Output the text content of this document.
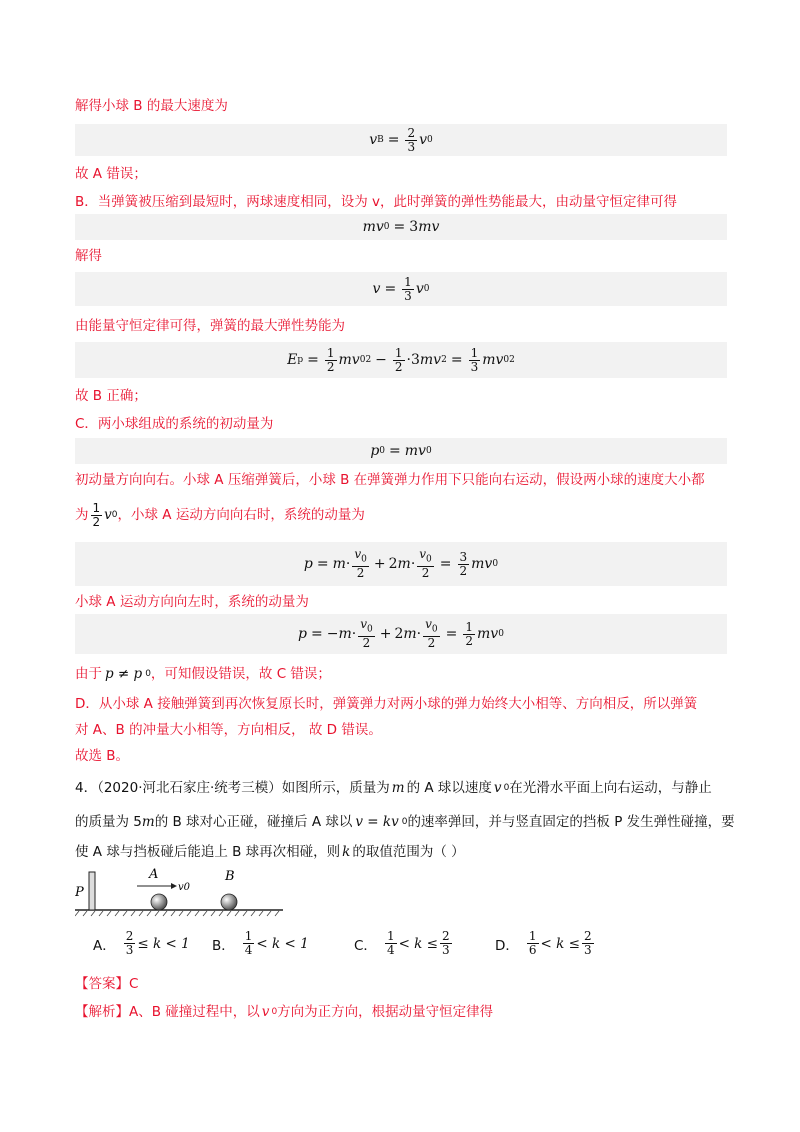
解得小球 B 的最大速度为
v $B = \frac{2}{3}$ v 0
故 A 错误；
B．当弹簧被压缩到最短时，两球速度相同，设为 v，此时弹簧的弹性势能最大，由动量守恒定律可得
mv 0 = 3 mv
解得
$v = \frac{1}{3}$ v 0
由能量守恒定律可得，弹簧的最大弹性势能为
E $p = \frac{1}{2}$ mv 0 $2 - \frac{1}{2} \cdot 3$ mv $2 = \frac{1}{3}$ mv 0 2
故 B 正确；
C．两小球组成的系统的初动量为
p 0 = mv 0
初动量方向向右。小球 A 压缩弹簧后，小球 B 在弹簧弹力作用下只能向右运动，假设两小球的速度大小都
为 $\frac{1}{2}$ v 0 ，小球 A 运动方向向右时，系统的动量为
$p = m \cdot \frac{v_0}{2} + 2$ $m \cdot \frac{v_0}{2} = \frac{3}{2}$ mv 0
小球 A 运动方向向左时，系统的动量为
p = − $m \cdot \frac{v_0}{2} + 2$ $m \cdot \frac{v_0}{2} = \frac{1}{2}$ mv 0
由于 p ≠ p 0 ，可知假设错误，故 C 错误；
D．从小球 A 接触弹簧到再次恢复原长时，弹簧弹力对两小球的弹力始终大小相等、方向相反，所以弹簧
对 A、B 的冲量大小相等，方向相反， 故 D 错误。
故选 B。
4．（2020·河北石家庄·统考三模）如图所示，质量为 m 的 A 球以速度 v 0 在光滑水平面上向右运动，与静止
的质量为 5 m 的 B 球对心正碰，碰撞后 A 球以 v = kv 0 的速率弹回，并与竖直固定的挡板 P 发生弹性碰撞，要
使 A 球与挡板碰后能追上 B 球再次相碰，则 k 的取值范围为（ ）
P
A
v0
B
A． $\frac{2}{3} \le k < 1$ B． $\frac{1}{4} < k < 1$	C． $\frac{1}{4} < k \le \frac{2}{3}$	D． $\frac{1}{6} < k \le \frac{2}{3}$
【答案】C
【解析】A、B 碰撞过程中，以 v 0 方向为正方向，根据动量守恒定律得
